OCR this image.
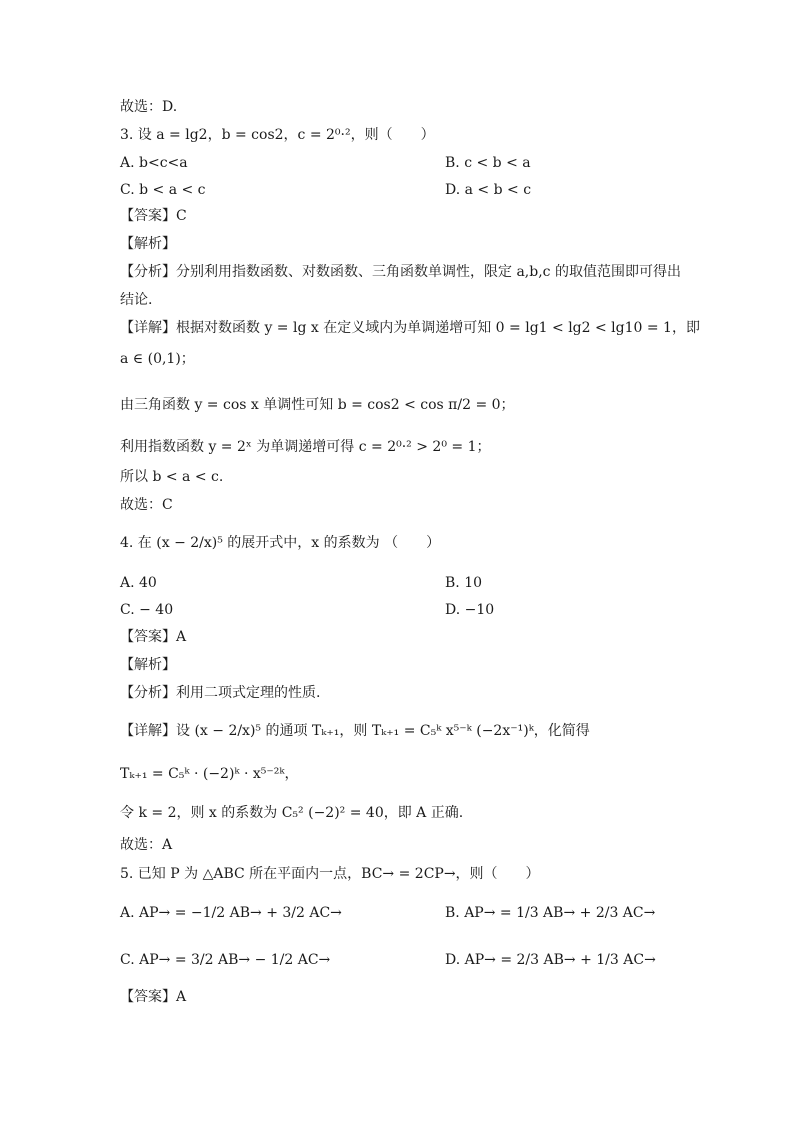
故选：D.
3. 设 a = lg2，b = cos2，c = 2⁰·²，则（　　）
A. b<c<a	B. c < b < a
C. b < a < c	D. a < b < c
【答案】C
【解析】
【分析】分别利用指数函数、对数函数、三角函数单调性，限定 a,b,c 的取值范围即可得出
结论.
【详解】根据对数函数 y = lg x 在定义域内为单调递增可知 0 = lg1 < lg2 < lg10 = 1，即
a ∈ (0,1)；
由三角函数 y = cos x 单调性可知 b = cos2 < cos π/2 = 0；
利用指数函数 y = 2ˣ 为单调递增可得 c = 2⁰·² > 2⁰ = 1；
所以 b < a < c.
故选：C
4. 在 (x − 2/x)⁵ 的展开式中，x 的系数为 （　　）
A. 40	B. 10
C. − 40	D. −10
【答案】A
【解析】
【分析】利用二项式定理的性质.
【详解】设 (x − 2/x)⁵ 的通项 Tₖ₊₁，则 Tₖ₊₁ = C₅ᵏ x⁵⁻ᵏ (−2x⁻¹)ᵏ，化简得
Tₖ₊₁ = C₅ᵏ · (−2)ᵏ · x⁵⁻²ᵏ，
令 k = 2，则 x 的系数为 C₅² (−2)² = 40，即 A 正确.
故选：A
5. 已知 P 为 △ABC 所在平面内一点，BC→ = 2CP→，则（　　）
A. AP→ = −1/2 AB→ + 3/2 AC→	B. AP→ = 1/3 AB→ + 2/3 AC→
C. AP→ = 3/2 AB→ − 1/2 AC→	D. AP→ = 2/3 AB→ + 1/3 AC→
【答案】A
